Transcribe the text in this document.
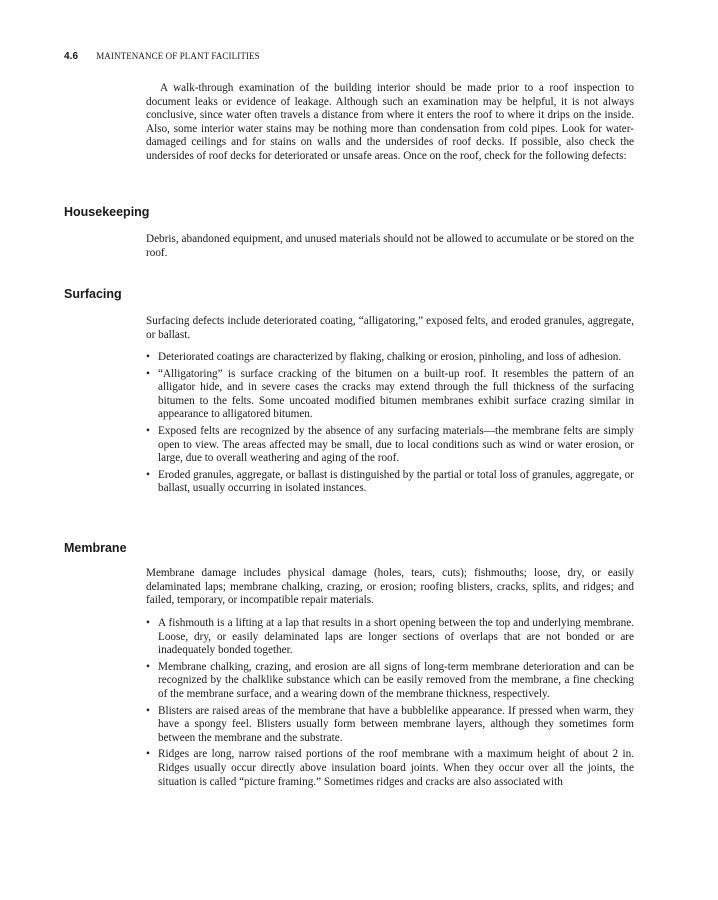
4.6 MAINTENANCE OF PLANT FACILITIES

A walk-through examination of the building interior should be made prior to a roof inspection to document leaks or evidence of leakage. Although such an examination may be helpful, it is not always conclusive, since water often travels a distance from where it enters the roof to where it drips on the inside. Also, some interior water stains may be nothing more than condensation from cold pipes. Look for water-damaged ceilings and for stains on walls and the undersides of roof decks. If possible, also check the undersides of roof decks for deteriorated or unsafe areas. Once on the roof, check for the following defects:

Housekeeping

Debris, abandoned equipment, and unused materials should not be allowed to accumulate or be stored on the roof.

Surfacing

Surfacing defects include deteriorated coating, “alligatoring,” exposed felts, and eroded granules, aggregate, or ballast.

• Deteriorated coatings are characterized by flaking, chalking or erosion, pinholing, and loss of adhesion.
• “Alligatoring” is surface cracking of the bitumen on a built-up roof. It resembles the pattern of an alligator hide, and in severe cases the cracks may extend through the full thickness of the surfacing bitumen to the felts. Some uncoated modified bitumen membranes exhibit surface crazing similar in appearance to alligatored bitumen.
• Exposed felts are recognized by the absence of any surfacing materials—the membrane felts are simply open to view. The areas affected may be small, due to local conditions such as wind or water erosion, or large, due to overall weathering and aging of the roof.
• Eroded granules, aggregate, or ballast is distinguished by the partial or total loss of granules, aggregate, or ballast, usually occurring in isolated instances.
Membrane

Membrane damage includes physical damage (holes, tears, cuts); fishmouths; loose, dry, or easily delaminated laps; membrane chalking, crazing, or erosion; roofing blisters, cracks, splits, and ridges; and failed, temporary, or incompatible repair materials.

• A fishmouth is a lifting at a lap that results in a short opening between the top and underlying membrane. Loose, dry, or easily delaminated laps are longer sections of overlaps that are not bonded or are inadequately bonded together.
• Membrane chalking, crazing, and erosion are all signs of long-term membrane deterioration and can be recognized by the chalklike substance which can be easily removed from the membrane, a fine checking of the membrane surface, and a wearing down of the membrane thickness, respectively.
• Blisters are raised areas of the membrane that have a bubblelike appearance. If pressed when warm, they have a spongy feel. Blisters usually form between membrane layers, although they sometimes form between the membrane and the substrate.
• Ridges are long, narrow raised portions of the roof membrane with a maximum height of about 2 in. Ridges usually occur directly above insulation board joints. When they occur over all the joints, the situation is called “picture framing.” Sometimes ridges and cracks are also associated with
